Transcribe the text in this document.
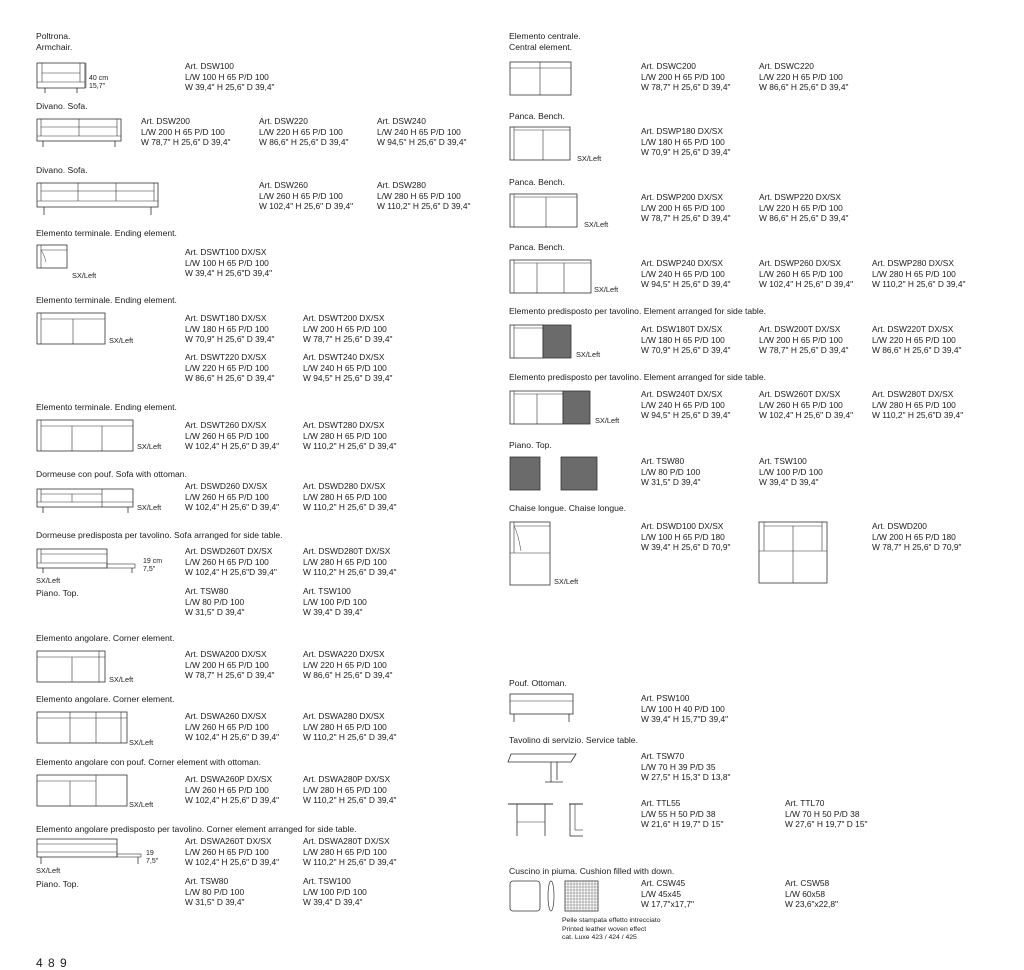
Poltrona.
Armchair.
40 cm
15,7"
Art. DSW100
L/W 100 H 65 P/D 100
W 39,4" H 25,6" D 39,4"
Divano. Sofa.
Art. DSW200
L/W 200 H 65 P/D 100
W 78,7" H 25,6" D 39,4"
Art. DSW220
L/W 220 H 65 P/D 100
W 86,6" H 25,6" D 39,4"
Art. DSW240
L/W 240 H 65 P/D 100
W 94,5" H 25,6" D 39,4"
Divano. Sofa.
Art. DSW260
L/W 260 H 65 P/D 100
W 102,4" H 25,6" D 39,4"
Art. DSW280
L/W 280 H 65 P/D 100
W 110,2" H 25,6" D 39,4"
Elemento terminale. Ending element.
SX/Left
Art. DSWT100 DX/SX
L/W 100 H 65 P/D 100
W 39,4" H 25,6"D 39,4"
Elemento terminale. Ending element.
SX/Left
Art. DSWT180 DX/SX
L/W 180 H 65 P/D 100
W 70,9" H 25,6" D 39,4"
Art. DSWT200 DX/SX
L/W 200 H 65 P/D 100
W 78,7" H 25,6" D 39,4"
Art. DSWT220 DX/SX
L/W 220 H 65 P/D 100
W 86,6" H 25,6" D 39,4"
Art. DSWT240 DX/SX
L/W 240 H 65 P/D 100
W 94,5" H 25,6" D 39,4"
Elemento terminale. Ending element.
SX/Left
Art. DSWT260 DX/SX
L/W 260 H 65 P/D 100
W 102,4" H 25,6" D 39,4"
Art. DSWT280 DX/SX
L/W 280 H 65 P/D 100
W 110,2" H 25,6" D 39,4"
Dormeuse con pouf. Sofa with ottoman.
SX/Left
Art. DSWD260 DX/SX
L/W 260 H 65 P/D 100
W 102,4" H 25,6" D 39,4"
Art. DSWD280 DX/SX
L/W 280 H 65 P/D 100
W 110,2" H 25,6" D 39,4"
Dormeuse predisposta per tavolino. Sofa arranged for side table.
19 cm
7,5"
SX/Left
Piano. Top.
Art. DSWD260T DX/SX
L/W 260 H 65 P/D 100
W 102,4" H 25,6"D 39,4"
Art. DSWD280T DX/SX
L/W 280 H 65 P/D 100
W 110,2" H 25,6" D 39,4"
Art. TSW80
L/W 80 P/D 100
W 31,5" D 39,4"
Art. TSW100
L/W 100 P/D 100
W 39,4" D 39,4"
Elemento angolare. Corner element.
SX/Left
Art. DSWA200 DX/SX
L/W 200 H 65 P/D 100
W 78,7" H 25,6" D 39,4"
Art. DSWA220 DX/SX
L/W 220 H 65 P/D 100
W 86,6" H 25,6" D 39,4"
Elemento angolare. Corner element.
SX/Left
Art. DSWA260 DX/SX
L/W 260 H 65 P/D 100
W 102,4" H 25,6" D 39,4"
Art. DSWA280 DX/SX
L/W 280 H 65 P/D 100
W 110,2" H 25,6" D 39,4"
Elemento angolare con pouf. Corner element with ottoman.
SX/Left
Art. DSWA260P DX/SX
L/W 260 H 65 P/D 100
W 102,4" H 25,6" D 39,4"
Art. DSWA280P DX/SX
L/W 280 H 65 P/D 100
W 110,2" H 25,6" D 39,4"
Elemento angolare predisposto per tavolino. Corner element arranged for side table.
19
7,5"
SX/Left
Piano. Top.
Art. DSWA260T DX/SX
L/W 260 H 65 P/D 100
W 102,4" H 25,6" D 39,4"
Art. DSWA280T DX/SX
L/W 280 H 65 P/D 100
W 110,2" H 25,6" D 39,4"
Art. TSW80
L/W 80 P/D 100
W 31,5" D 39,4"
Art. TSW100
L/W 100 P/D 100
W 39,4" D 39,4"
4 8 9
Elemento centrale.
Central element.
Art. DSWC200
L/W 200 H 65 P/D 100
W 78,7" H 25,6" D 39,4"
Art. DSWC220
L/W 220 H 65 P/D 100
W 86,6" H 25,6" D 39,4"
Panca. Bench.
SX/Left
Art. DSWP180 DX/SX
L/W 180 H 65 P/D 100
W 70,9" H 25,6" D 39,4"
Panca. Bench.
SX/Left
Art. DSWP200 DX/SX
L/W 200 H 65 P/D 100
W 78,7" H 25,6" D 39,4"
Art. DSWP220 DX/SX
L/W 220 H 65 P/D 100
W 86,6" H 25,6" D 39,4"
Panca. Bench.
SX/Left
Art. DSWP240 DX/SX
L/W 240 H 65 P/D 100
W 94,5" H 25,6" D 39,4"
Art. DSWP260 DX/SX
L/W 260 H 65 P/D 100
W 102,4" H 25,6" D 39,4"
Art. DSWP280 DX/SX
L/W 280 H 65 P/D 100
W 110,2" H 25,6" D 39,4"
Elemento predisposto per tavolino. Element arranged for side table.
SX/Left
Art. DSW180T DX/SX
L/W 180 H 65 P/D 100
W 70,9" H 25,6" D 39,4"
Art. DSW200T DX/SX
L/W 200 H 65 P/D 100
W 78,7" H 25,6" D 39,4"
Art. DSW220T DX/SX
L/W 220 H 65 P/D 100
W 86,6" H 25,6" D 39,4"
Elemento predisposto per tavolino. Element arranged for side table.
SX/Left
Art. DSW240T DX/SX
L/W 240 H 65 P/D 100
W 94,5" H 25,6" D 39,4"
Art. DSW260T DX/SX
L/W 260 H 65 P/D 100
W 102,4" H 25,6" D 39,4"
Art. DSW280T DX/SX
L/W 280 H 65 P/D 100
W 110,2" H 25,6"D 39,4"
Piano. Top.
Art. TSW80
L/W 80 P/D 100
W 31,5" D 39,4"
Art. TSW100
L/W 100 P/D 100
W 39,4" D 39,4"
Chaise longue. Chaise longue.
SX/Left
Art. DSWD100 DX/SX
L/W 100 H 65 P/D 180
W 39,4" H 25,6" D 70,9"
Art. DSWD200
L/W 200 H 65 P/D 180
W 78,7" H 25,6" D 70,9"
Pouf. Ottoman.
Art. PSW100
L/W 100 H 40 P/D 100
W 39,4" H 15,7"D 39,4"
Tavolino di servizio. Service table.
Art. TSW70
L/W 70 H 39 P/D 35
W 27,5" H 15,3" D 13,8"
Art. TTL55
L/W 55 H 50 P/D 38
W 21,6" H 19,7" D 15"
Art. TTL70
L/W 70 H 50 P/D 38
W 27,6" H 19,7" D 15"
Cuscino in piuma. Cushion filled with down.
Pelle stampata effetto intrecciato
Printed leather woven effect
cat. Luxe 423 / 424 / 425
Art. CSW45
L/W 45x45
W 17,7"x17,7"
Art. CSW58
L/W 60x58
W 23,6"x22,8"
